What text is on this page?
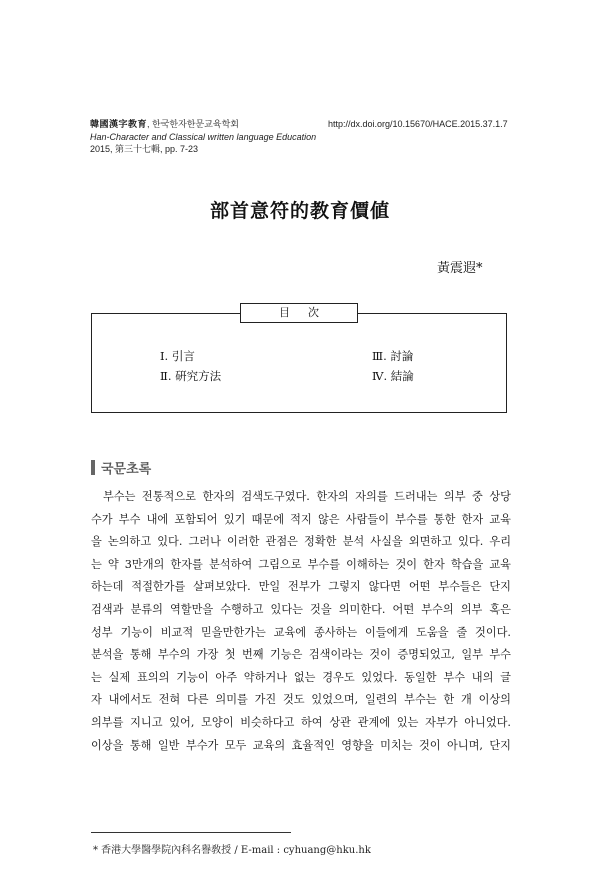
韓國漢字教育, 한국한자한문교육학회
Han-Character and Classical written language Education
2015, 第三十七輯, pp. 7-23
http://dx.doi.org/10.15670/HACE.2015.37.1.7
部首意符的教育價値
黃震遐*
目次
Ⅰ. 引言
Ⅱ. 硏究方法
Ⅲ. 討論
Ⅳ. 結論
국문초록
부수는 전통적으로 한자의 검색도구였다. 한자의 자의를 드러내는 의부 중 상당
수가 부수 내에 포함되어 있기 때문에 적지 않은 사람들이 부수를 통한 한자 교육
을 논의하고 있다. 그러나 이러한 관점은 정확한 분석 사실을 외면하고 있다. 우리
는 약 3만개의 한자를 분석하여 그림으로 부수를 이해하는 것이 한자 학습을 교육
하는데 적절한가를 살펴보았다. 만일 전부가 그렇지 않다면 어떤 부수들은 단지
검색과 분류의 역할만을 수행하고 있다는 것을 의미한다. 어떤 부수의 의부 혹은
성부 기능이 비교적 믿을만한가는 교육에 종사하는 이들에게 도움을 줄 것이다.
분석을 통해 부수의 가장 첫 번째 기능은 검색이라는 것이 증명되었고, 일부 부수
는 실제 표의의 기능이 아주 약하거나 없는 경우도 있었다. 동일한 부수 내의 글
자 내에서도 전혀 다른 의미를 가진 것도 있었으며, 일련의 부수는 한 개 이상의
의부를 지니고 있어, 모양이 비슷하다고 하여 상관 관계에 있는 자부가 아니었다.
이상을 통해 일반 부수가 모두 교육의 효율적인 영향을 미치는 것이 아니며, 단지
* 香港大學醫學院內科名譽敎授 / E-mail : cyhuang@hku.hk
